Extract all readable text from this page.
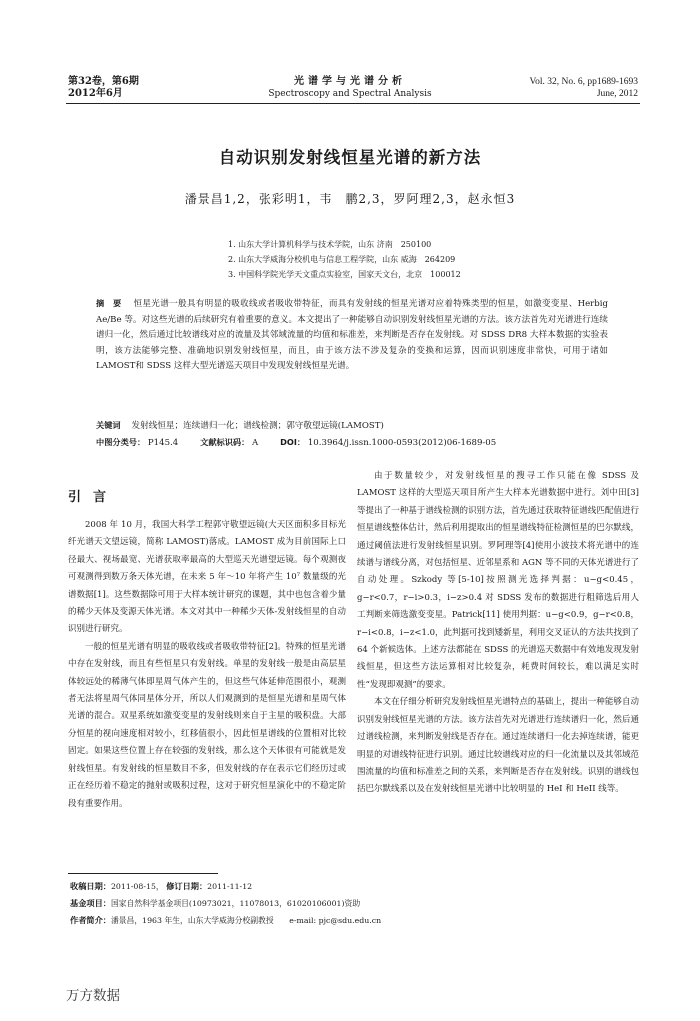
第32卷，第6期
2012年6月
光谱学与光谱分析
Spectroscopy and Spectral Analysis
Vol. 32, No. 6, pp1689-1693
June, 2012
自动识别发射线恒星光谱的新方法
潘景昌1,2，张彩明1，韦　鹏2,3，罗阿理2,3，赵永恒3
1. 山东大学计算机科学与技术学院，山东 济南　250100
2. 山东大学威海分校机电与信息工程学院，山东 威海　264209
3. 中国科学院光学天文重点实验室，国家天文台，北京　100012
摘　要 恒星光谱一般具有明显的吸收线或者吸收带特征，而具有发射线的恒星光谱对应着特殊类型的恒星，如激变变星、Herbig Ae/Be 等。对这些光谱的后续研究有着重要的意义。本文提出了一种能够自动识别发射线恒星光谱的方法。该方法首先对光谱进行连续谱归一化，然后通过比较谱线对应的流量及其邻域流量的均值和标准差，来判断是否存在发射线。对 SDSS DR8 大样本数据的实验表明，该方法能够完整、准确地识别发射线恒星，而且，由于该方法不涉及复杂的变换和运算，因而识别速度非常快，可用于诸如 LAMOST和 SDSS 这样大型光谱巡天项目中发现发射线恒星光谱。
关键词 发射线恒星；连续谱归一化；谱线检测；郭守敬望远镜(LAMOST)
中图分类号： P145.4	文献标识码： A	DOI： 10.3964/j.issn.1000-0593(2012)06-1689-05
引言

2008 年 10 月，我国大科学工程郭守敬望远镜(大天区面积多目标光纤光谱天文望远镜，简称 LAMOST)落成。LAMOST 成为目前国际上口径最大、视场最宽、光谱获取率最高的大型巡天光谱望远镜。每个观测夜可观测得到数万条天体光谱，在未来 5 年～10 年将产生 10⁷ 数量级的光谱数据[1]。这些数据除可用于大样本统计研究的课题，其中也包含着少量的稀少天体及变源天体光谱。本文对其中一种稀少天体-发射线恒星的自动识别进行研究。

一般的恒星光谱有明显的吸收线或者吸收带特征[2]。特殊的恒星光谱中存在发射线，而且有些恒星只有发射线。单星的发射线一般是由高层星体较远处的稀薄气体即星周气体产生的，但这些气体延伸范围很小，观测者无法将星周气体同星体分开，所以人们观测到的是恒星光谱和星周气体光谱的混合。双星系统如激变变星的发射线则来自于主星的吸积盘。大部分恒星的视向速度相对较小，红移值很小，因此恒星谱线的位置相对比较固定。如果这些位置上存在较强的发射线，那么这个天体很有可能就是发射线恒星。有发射线的恒星数目不多，但发射线的存在表示它们经历过或正在经历着不稳定的抛射或吸积过程，这对于研究恒星演化中的不稳定阶段有重要作用。

由于数量较少，对发射线恒星的搜寻工作只能在像 SDSS 及 LAMOST 这样的大型巡天项目所产生大样本光谱数据中进行。刘中田[3]等提出了一种基于谱线检测的识别方法，首先通过获取特征谱线匹配值进行恒星谱线整体估计，然后利用提取出的恒星谱线特征检测恒星的巴尔默线，通过阈值法进行发射线恒星识别。罗阿理等[4]使用小波技术将光谱中的连续谱与谱线分离，对包括恒星、近邻星系和 AGN 等不同的天体光谱进行了自动处理。Szkody 等[5-10]按照测光选择判据：u−g<0.45，g−r<0.7，r−i>0.3，i−z>0.4 对 SDSS 发布的数据进行粗筛选后用人工判断来筛选激变变星。Patrick[11] 使用判据：u−g<0.9，g−r<0.8，r−i<0.8，i−z<1.0，此判据可找到矮新星，利用交叉证认的方法共找到了 64 个新候选体。上述方法都能在 SDSS 的光谱巡天数据中有效地发现发射线恒星，但这些方法运算相对比较复杂，耗费时间较长，难以满足实时性“发现即观测”的要求。

本文在仔细分析研究发射线恒星光谱特点的基础上，提出一种能够自动识别发射线恒星光谱的方法。该方法首先对光谱进行连续谱归一化，然后通过谱线检测，来判断发射线是否存在。通过连续谱归一化去掉连续谱，能更明显的对谱线特征进行识别。通过比较谱线对应的归一化流量以及其邻域范围流量的均值和标准差之间的关系，来判断是否存在发射线。识别的谱线包括巴尔默线系以及在发射线恒星光谱中比较明显的 HeI 和 HeII 线等。

收稿日期：2011-08-15， 修订日期：2011-11-12
基金项目：国家自然科学基金项目(10973021，11078013，61020106001)资助
作者简介：潘景昌，1963 年生，山东大学威海分校副教授　　e-mail: pjc@sdu.edu.cn
万方数据
